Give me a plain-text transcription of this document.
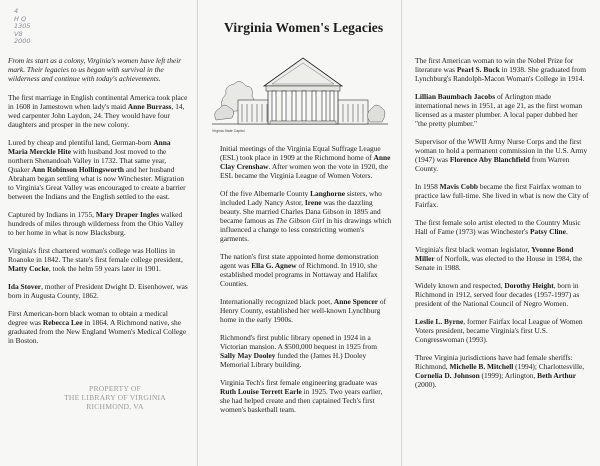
4
H Q
1305
V8
2000

From its start as a colony, Virginia's women have left their mark. Their legacies to us began with survival in the wilderness and continue with today's achievements.

The first marriage in English continental America took place in 1608 in Jamestown when lady's maid Anne Burrass, 14, wed carpenter John Laydon, 24. They would have four daughters and prosper in the new colony.

Lured by cheap and plentiful land, German-born Anna Maria Merckle Hite with husband Jost moved to the northern Shenandoah Valley in 1732. That same year, Quaker Ann Robinson Hollingsworth and her husband Abraham began settling what is now Winchester. Migration to Virginia's Great Valley was encouraged to create a barrier between the Indians and the English settled to the east.

Captured by Indians in 1755, Mary Draper Ingles walked hundreds of miles through wilderness from the Ohio Valley to her home in what is now Blacksburg.

Virginia's first chartered woman's college was Hollins in Roanoke in 1842. The state's first female college president, Matty Cocke, took the helm 59 years later in 1901.

Ida Stover, mother of President Dwight D. Eisenhower, was born in Augusta County, 1862.

First American-born black woman to obtain a medical degree was Rebecca Lee in 1864. A Richmond native, she graduated from the New England Women's Medical College in Boston.

PROPERTY OF
THE LIBRARY OF VIRGINIA
RICHMOND, VA
Virginia Women's Legacies
Virginia State Capitol

Initial meetings of the Virginia Equal Suffrage League (ESL) took place in 1909 at the Richmond home of Anne Clay Crenshaw. After women won the vote in 1920, the ESL became the Virginia League of Women Voters.

Of the five Albemarle County Langhorne sisters, who included Lady Nancy Astor, Irene was the dazzling beauty. She married Charles Dana Gibson in 1895 and became famous as The Gibson Girl in his drawings which influenced a change to less constricting women's garments.

The nation's first state appointed home demonstration agent was Ella G. Agnew of Richmond. In 1910, she established model programs in Nottaway and Halifax Counties.

Internationally recognized black poet, Anne Spencer of Henry County, established her well-known Lynchburg home in the early 1900s.

Richmond's first public library opened in 1924 in a Victorian mansion. A $500,000 bequest in 1925 from Sally May Dooley funded the (James H.) Dooley Memorial Library building.

Virginia Tech's first female engineering graduate was Ruth Louise Terrett Earle in 1925. Two years earlier, she had helped create and then captained Tech's first women's basketball team.

The first American woman to win the Nobel Prize for literature was Pearl S. Buck in 1938. She graduated from Lynchburg's Randolph-Macon Woman's College in 1914.

Lillian Baumbach Jacobs of Arlington made international news in 1951, at age 21, as the first woman licensed as a master plumber. A local paper dubbed her "the pretty plumber."

Supervisor of the WWII Army Nurse Corps and the first woman to hold a permanent commission in the U.S. Army (1947) was Florence Aby Blanchfield from Warren County.

In 1958 Mavis Cobb became the first Fairfax woman to practice law full-time. She lived in what is now the City of Fairfax.

The first female solo artist elected to the Country Music Hall of Fame (1973) was Winchester's Patsy Cline.

Virginia's first black woman legislator, Yvonne Bond Miller of Norfolk, was elected to the House in 1984, the Senate in 1988.

Widely known and respected, Dorothy Height, born in Richmond in 1912, served four decades (1957-1997) as president of the National Council of Negro Women.

Leslie L. Byrne, former Fairfax local League of Women Voters president, became Virginia's first U.S. Congresswoman (1993).

Three Virginia jurisdictions have had female sheriffs: Richmond, Michelle B. Mitchell (1994); Charlottesville, Cornelia D. Johnson (1999); Arlington, Beth Arthur (2000).
